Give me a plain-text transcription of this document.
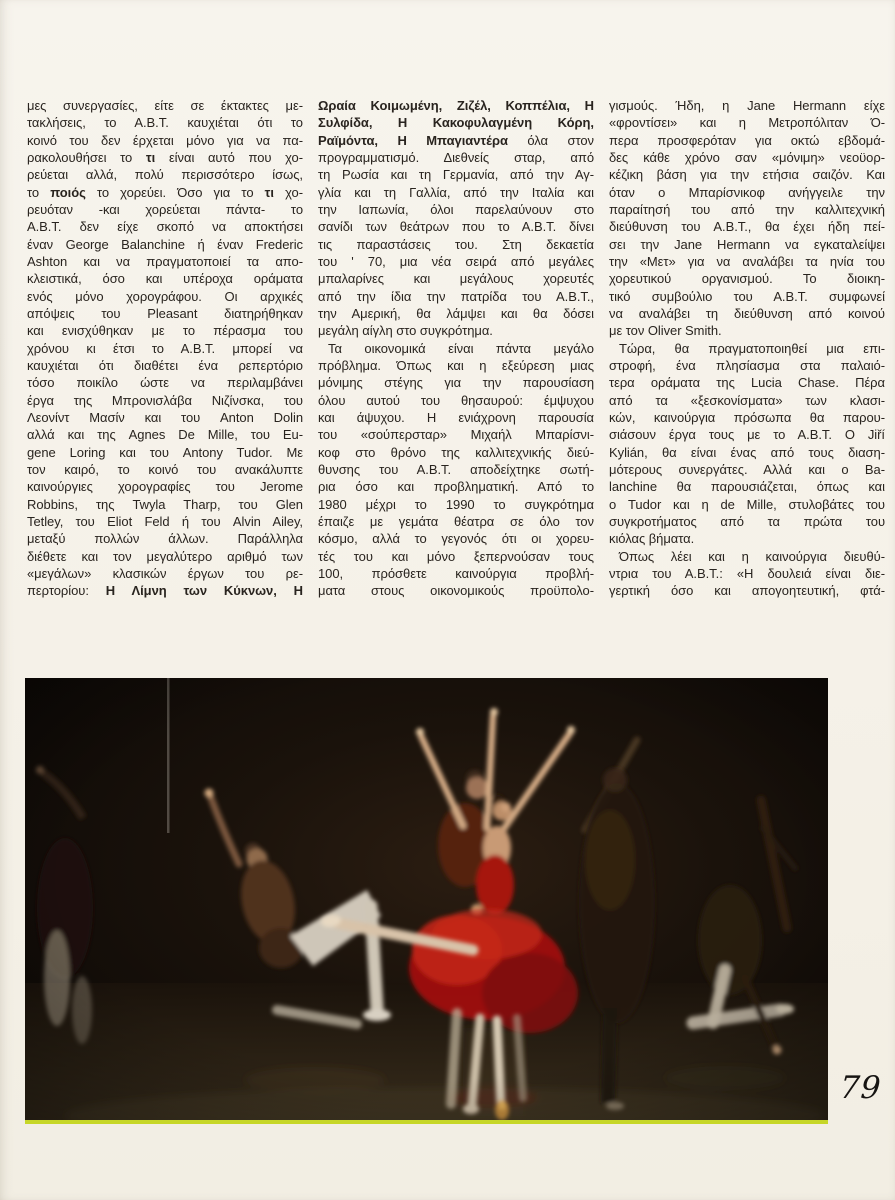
μες συνεργασίες, είτε σε έκτακτες με-
τακλήσεις, το Α.Β.Τ. καυχιέται ότι το
κοινό του δεν έρχεται μόνο για να πα-
ρακολουθήσει το τι είναι αυτό που χο-
ρεύεται αλλά, πολύ περισσότερο ίσως,
το ποιός το χορεύει. Όσο για το τι χο-
ρευόταν -και χορεύεται πάντα- το
Α.Β.Τ. δεν είχε σκοπό να αποκτήσει
έναν George Balanchine ή έναν Frederic
Ashton και να πραγματοποιεί τα απο-
κλειστικά, όσο και υπέροχα οράματα
ενός μόνο χορογράφου. Οι αρχικές
απόψεις του Pleasant διατηρήθηκαν
και ενισχύθηκαν με το πέρασμα του
χρόνου κι έτσι το Α.Β.Τ. μπορεί να
καυχιέται ότι διαθέτει ένα ρεπερτόριο
τόσο ποικίλο ώστε να περιλαμβάνει
έργα της Μπρονισλάβα Νιζίνσκα, του
Λεονίντ Μασίν και του Anton Dolin
αλλά και της Agnes De Mille, του Eu-
gene Loring και του Antony Tudor. Με
τον καιρό, το κοινό του ανακάλυπτε
καινούργιες χορογραφίες του Jerome
Robbins, της Twyla Tharp, του Glen
Tetley, του Eliot Feld ή του Alvin Ailey,
μεταξύ πολλών άλλων. Παράλληλα
διέθετε και τον μεγαλύτερο αριθμό των
«μεγάλων» κλασικών έργων του ρε-
περτορίου: Η Λίμνη των Κύκνων, Η
Ωραία Κοιμωμένη, Ζιζέλ, Κοππέλια, Η
Συλφίδα, Η Κακοφυλαγμένη Κόρη,
Ραϊμόντα, Η Μπαγιαντέρα όλα στον
προγραμματισμό. Διεθνείς σταρ, από
τη Ρωσία και τη Γερμανία, από την Αγ-
γλία και τη Γαλλία, από την Ιταλία και
την Ιαπωνία, όλοι παρελαύνουν στο
σανίδι των θεάτρων που το Α.Β.Τ. δίνει
τις παραστάσεις του. Στη δεκαετία
του ' 70, μια νέα σειρά από μεγάλες
μπαλαρίνες και μεγάλους χορευτές
από την ίδια την πατρίδα του Α.Β.Τ.,
την Αμερική, θα λάμψει και θα δόσει
μεγάλη αίγλη στο συγκρότημα.
Τα οικονομικά είναι πάντα μεγάλο
πρόβλημα. Όπως και η εξεύρεση μιας
μόνιμης στέγης για την παρουσίαση
όλου αυτού του θησαυρού: έμψυχου
και άψυχου. Η ενιάχρονη παρουσία
του «σούπερσταρ» Μιχαήλ Μπαρίσνι-
κοφ στο θρόνο της καλλιτεχνικής διεύ-
θυνσης του Α.Β.Τ. αποδείχτηκε σωτή-
ρια όσο και προβληματική. Από το
1980 μέχρι το 1990 το συγκρότημα
έπαιζε με γεμάτα θέατρα σε όλο τον
κόσμο, αλλά το γεγονός ότι οι χορευ-
τές του και μόνο ξεπερνούσαν τους
100, πρόσθετε καινούργια προβλή-
ματα στους οικονομικούς προϋπολο-
γισμούς. Ήδη, η Jane Hermann είχε
«φροντίσει» και η Μετροπόλιταν Ό-
περα προσφερόταν για οκτώ εβδομά-
δες κάθε χρόνο σαν «μόνιμη» νεοϋορ-
κέζικη βάση για την ετήσια σαιζόν. Και
όταν ο Μπαρίσνικοφ ανήγγειλε την
παραίτησή του από την καλλιτεχνική
διεύθυνση του Α.Β.Τ., θα έχει ήδη πεί-
σει την Jane Hermann να εγκαταλείψει
την «Μετ» για να αναλάβει τα ηνία του
χορευτικού οργανισμού. Το διοικη-
τικό συμβούλιο του Α.Β.Τ. συμφωνεί
να αναλάβει τη διεύθυνση από κοινού
με τον Oliver Smith.
Τώρα, θα πραγματοποιηθεί μια επι-
στροφή, ένα πλησίασμα στα παλαιό-
τερα οράματα της Lucia Chase. Πέρα
από τα «ξεσκονίσματα» των κλασι-
κών, καινούργια πρόσωπα θα παρου-
σιάσουν έργα τους με το Α.Β.Τ. Ο Jiří
Kylián, θα είναι ένας από τους διαση-
μότερους συνεργάτες. Αλλά και ο Ba-
lanchine θα παρουσιάζεται, όπως και
ο Tudor και η de Mille, στυλοβάτες του
συγκροτήματος από τα πρώτα του
κιόλας βήματα.
Όπως λέει και η καινούργια διευθύ-
ντρια του Α.Β.Τ.: «Η δουλειά είναι διε-
γερτική όσο και απογοητευτική, φτά-
79
